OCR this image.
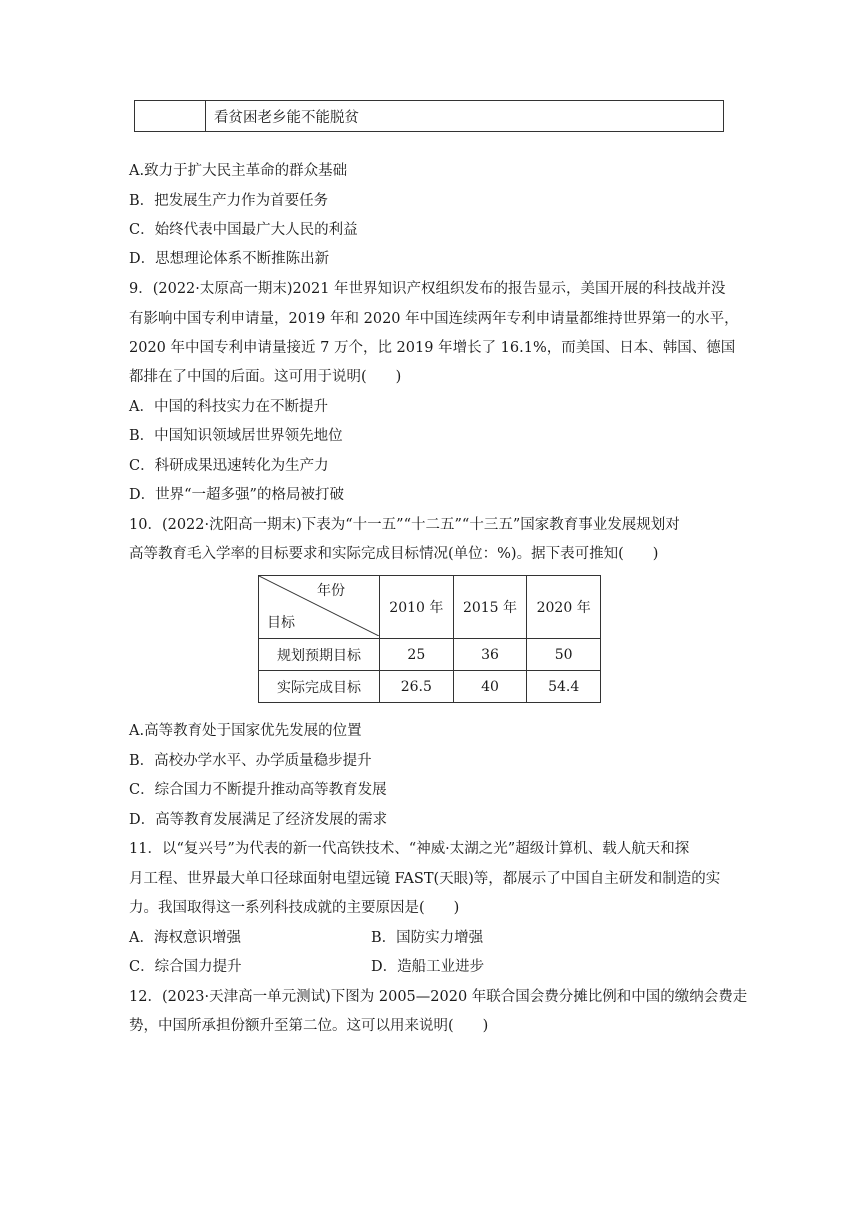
	看贫困老乡能不能脱贫
A.致力于扩大民主革命的群众基础
B．把发展生产力作为首要任务
C．始终代表中国最广大人民的利益
D．思想理论体系不断推陈出新
9．(2022·太原高一期末)2021 年世界知识产权组织发布的报告显示，美国开展的科技战并没
有影响中国专利申请量，2019 年和 2020 年中国连续两年专利申请量都维持世界第一的水平，
2020 年中国专利申请量接近 7 万个，比 2019 年增长了 16.1%，而美国、日本、韩国、德国
都排在了中国的后面。这可用于说明(　　)
A．中国的科技实力在不断提升
B．中国知识领域居世界领先地位
C．科研成果迅速转化为生产力
D．世界“一超多强”的格局被打破
10．(2022·沈阳高一期末)下表为“十一五”“十二五”“十三五”国家教育事业发展规划对
高等教育毛入学率的目标要求和实际完成目标情况(单位：%)。据下表可推知(　　)
年份
目标	2010 年	2015 年	2020 年
规划预期目标	25	36	50
实际完成目标	26.5	40	54.4
A.高等教育处于国家优先发展的位置
B．高校办学水平、办学质量稳步提升
C．综合国力不断提升推动高等教育发展
D．高等教育发展满足了经济发展的需求
11．以“复兴号”为代表的新一代高铁技术、“神威·太湖之光”超级计算机、载人航天和探
月工程、世界最大单口径球面射电望远镜 FAST(天眼)等，都展示了中国自主研发和制造的实
力。我国取得这一系列科技成就的主要原因是(　　)
A．海权意识增强	B．国防实力增强
C．综合国力提升	D．造船工业进步
12．(2023·天津高一单元测试)下图为 2005—2020 年联合国会费分摊比例和中国的缴纳会费走
势，中国所承担份额升至第二位。这可以用来说明(　　)
